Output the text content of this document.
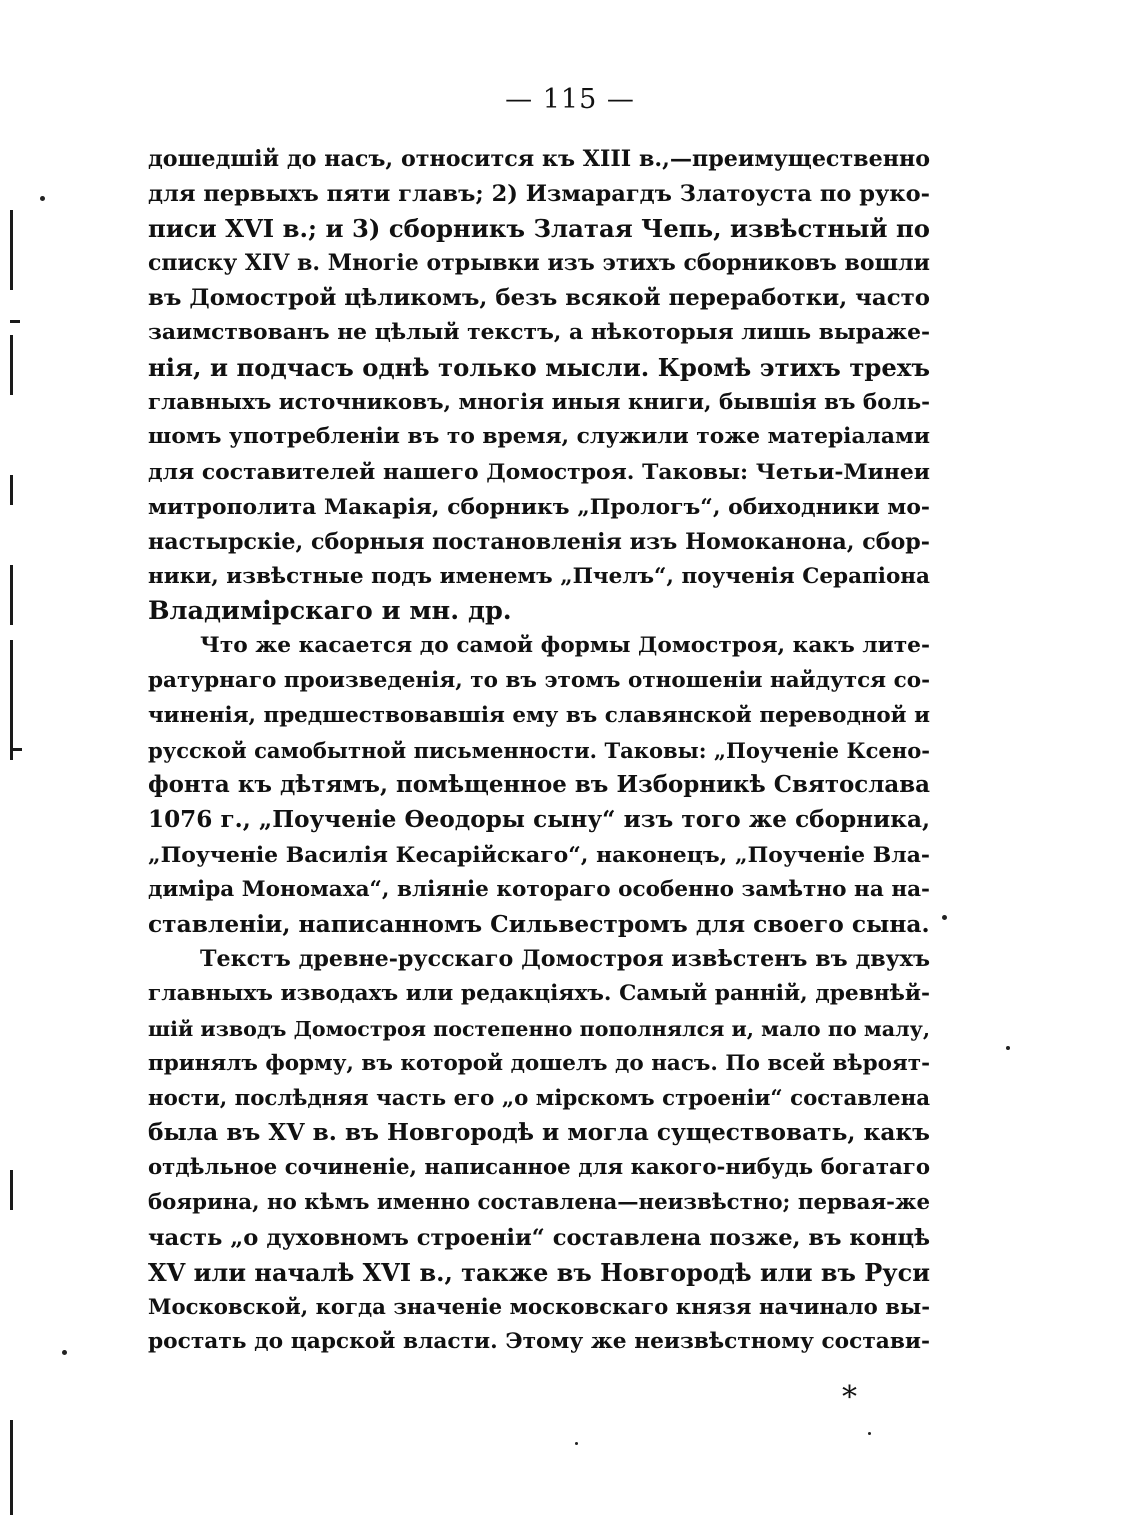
— 115 —
дошедшій до насъ, относится къ XIII в.,—преимущественно
для первыхъ пяти главъ; 2) Измарагдъ Златоуста по руко-
писи XVI в.; и 3) сборникъ Златая Чепь, извѣстный по
списку XIV в. Многіе отрывки изъ этихъ сборниковъ вошли
въ Домострой цѣликомъ, безъ всякой переработки, часто
заимствованъ не цѣлый текстъ, а нѣкоторыя лишь выраже-
нія, и подчасъ однѣ только мысли. Кромѣ этихъ трехъ
главныхъ источниковъ, многія иныя книги, бывшія въ боль-
шомъ употребленіи въ то время, служили тоже матеріалами
для составителей нашего Домостроя. Таковы: Четьи-Минеи
митрополита Макарія, сборникъ „Прологъ“, обиходники мо-
настырскіе, сборныя постановленія изъ Номоканона, сбор-
ники, извѣстные подъ именемъ „Пчелъ“, поученія Серапіона
Владимірскаго и мн. др.
Что же касается до самой формы Домостроя, какъ лите-
ратурнаго произведенія, то въ этомъ отношеніи найдутся со-
чиненія, предшествовавшія ему въ славянской переводной и
русской самобытной письменности. Таковы: „Поученіе Ксено-
фонта къ дѣтямъ, помѣщенное въ Изборникѣ Святослава
1076 г., „Поученіе Ѳеодоры сыну“ изъ того же сборника,
„Поученіе Василія Кесарійскаго“, наконецъ, „Поученіе Вла-
диміра Мономаха“, вліяніе котораго особенно замѣтно на на-
ставленіи, написанномъ Сильвестромъ для своего сына.
Текстъ древне-русскаго Домостроя извѣстенъ въ двухъ
главныхъ изводахъ или редакціяхъ. Самый ранній, древнѣй-
шій изводъ Домостроя постепенно пополнялся и, мало по малу,
принялъ форму, въ которой дошелъ до насъ. По всей вѣроят-
ности, послѣдняя часть его „о мірскомъ строеніи“ составлена
была въ XV в. въ Новгородѣ и могла существовать, какъ
отдѣльное сочиненіе, написанное для какого-нибудь богатаго
боярина, но кѣмъ именно составлена—неизвѣстно; первая-же
часть „о духовномъ строеніи“ составлена позже, въ концѣ
XV или началѣ XVI в., также въ Новгородѣ или въ Руси
Московской, когда значеніе московскаго князя начинало вы-
ростать до царской власти. Этому же неизвѣстному состави-
*
